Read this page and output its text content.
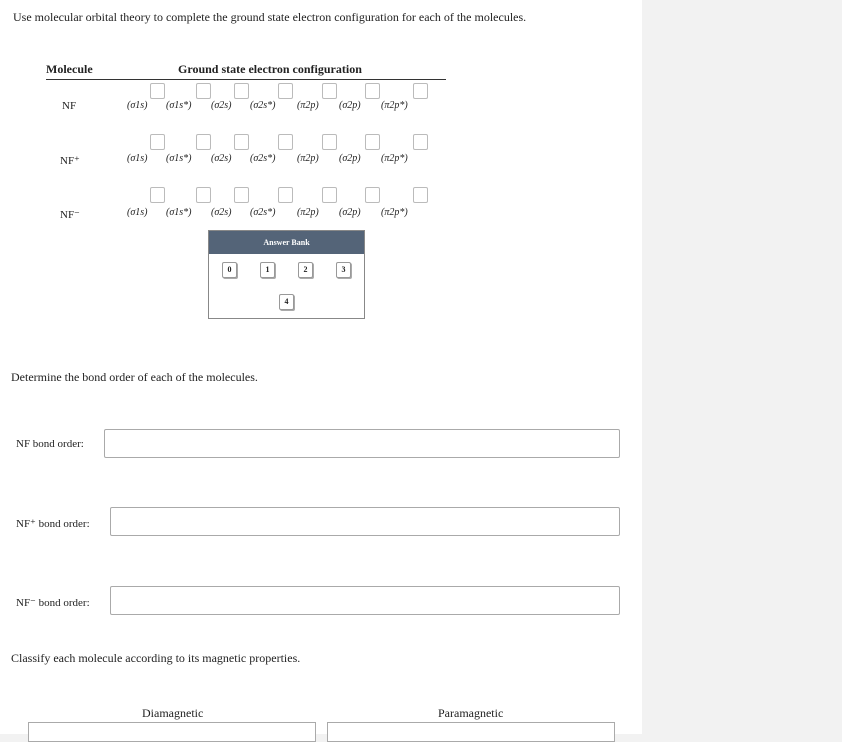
Use molecular orbital theory to complete the ground state electron configuration for each of the molecules.
Molecule	Ground state electron configuration
NF	(σ1s) (σ1s*) (σ2s) (σ2s*) (π2p) (σ2p) (π2p*)
NF⁺	(σ1s) (σ1s*) (σ2s) (σ2s*) (π2p) (σ2p) (π2p*)
NF⁻	(σ1s) (σ1s*) (σ2s) (σ2s*) (π2p) (σ2p) (π2p*)
Answer Bank
0	1	2	3
4
Determine the bond order of each of the molecules.
NF bond order:
NF⁺ bond order:
NF⁻ bond order:
Classify each molecule according to its magnetic properties.
Diamagnetic	Paramagnetic
